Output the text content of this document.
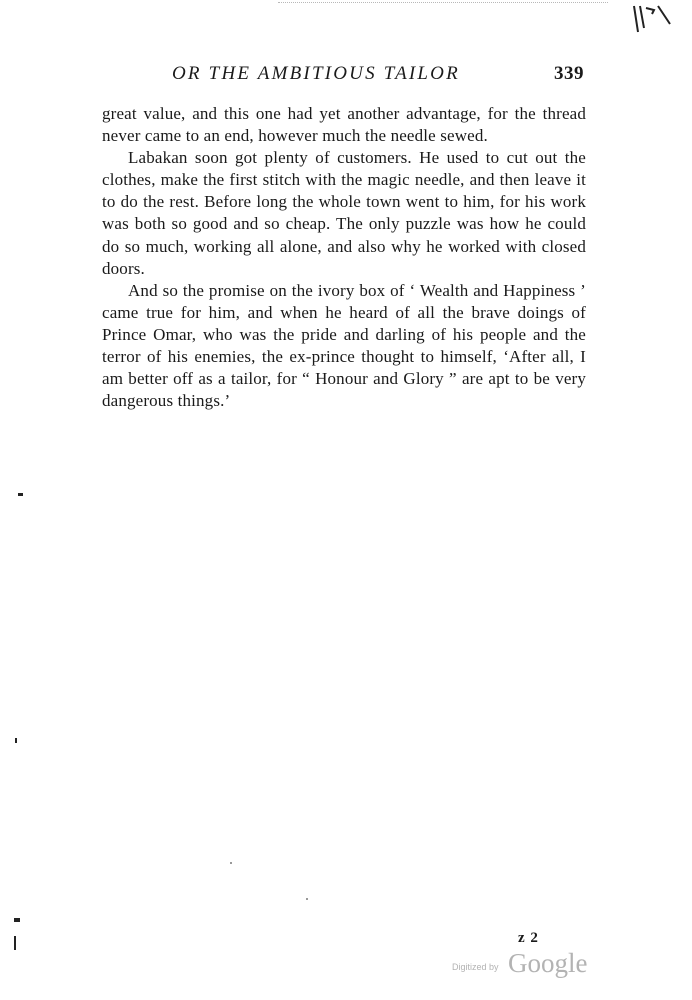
OR THE AMBITIOUS TAILOR	339

great value, and this one had yet another advantage, for the thread never came to an end, however much the needle sewed.

Labakan soon got plenty of customers. He used to cut out the clothes, make the first stitch with the magic needle, and then leave it to do the rest. Before long the whole town went to him, for his work was both so good and so cheap. The only puzzle was how he could do so much, working all alone, and also why he worked with closed doors.

And so the promise on the ivory box of ‘ Wealth and Happiness ’ came true for him, and when he heard of all the brave doings of Prince Omar, who was the pride and darling of his people and the terror of his enemies, the ex-prince thought to himself, ‘After all, I am better off as a tailor, for “ Honour and Glory ” are apt to be very dangerous things.’

z 2
Digitized by Google
